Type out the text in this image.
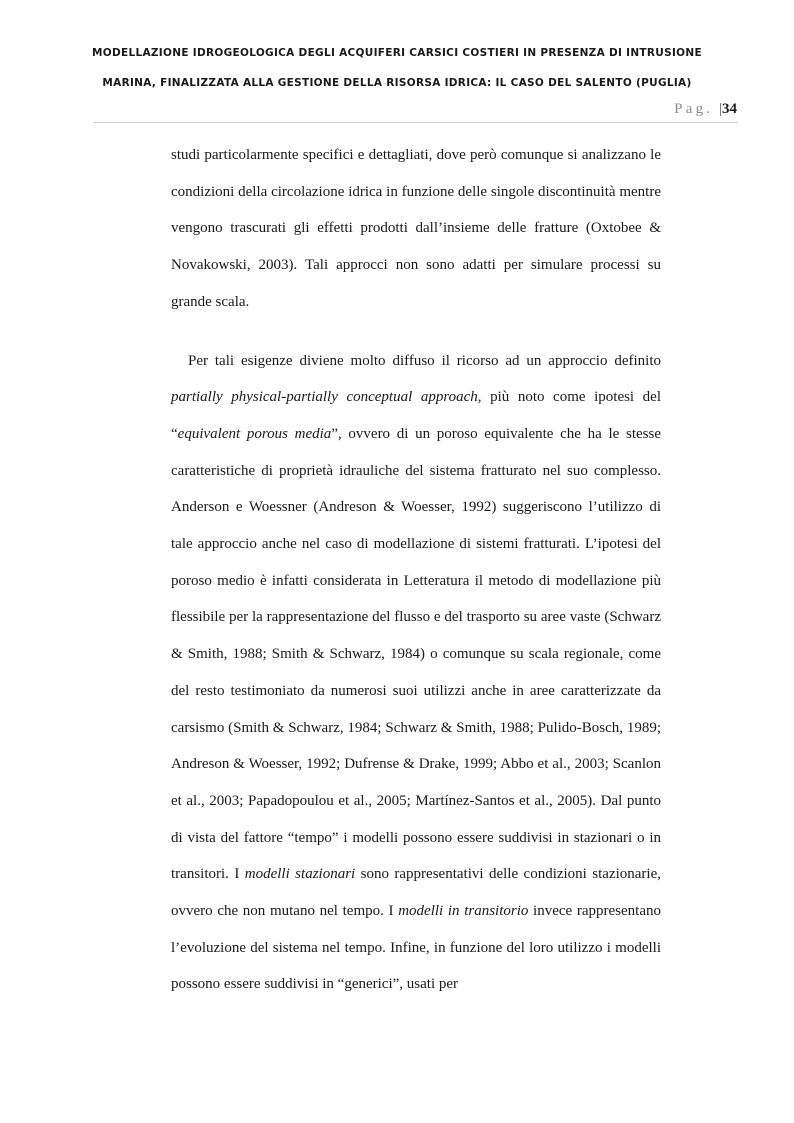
MODELLAZIONE IDROGEOLOGICA DEGLI ACQUIFERI CARSICI COSTIERI IN PRESENZA DI INTRUSIONE
MARINA, FINALIZZATA ALLA GESTIONE DELLA RISORSA IDRICA: IL CASO DEL SALENTO (PUGLIA)
Pag. |34

studi particolarmente specifici e dettagliati, dove però comunque si analizzano le condizioni della circolazione idrica in funzione delle singole discontinuità mentre vengono trascurati gli effetti prodotti dall’insieme delle fratture (Oxtobee & Novakowski, 2003). Tali approcci non sono adatti per simulare processi su grande scala.

Per tali esigenze diviene molto diffuso il ricorso ad un approccio definito partially physical-partially conceptual approach, più noto come ipotesi del “equivalent porous media”, ovvero di un poroso equivalente che ha le stesse caratteristiche di proprietà idrauliche del sistema fratturato nel suo complesso. Anderson e Woessner (Andreson & Woesser, 1992) suggeriscono l’utilizzo di tale approccio anche nel caso di modellazione di sistemi fratturati. L’ipotesi del poroso medio è infatti considerata in Letteratura il metodo di modellazione più flessibile per la rappresentazione del flusso e del trasporto su aree vaste (Schwarz & Smith, 1988; Smith & Schwarz, 1984) o comunque su scala regionale, come del resto testimoniato da numerosi suoi utilizzi anche in aree caratterizzate da carsismo (Smith & Schwarz, 1984; Schwarz & Smith, 1988; Pulido-Bosch, 1989; Andreson & Woesser, 1992; Dufrense & Drake, 1999; Abbo et al., 2003; Scanlon et al., 2003; Papadopoulou et al., 2005; Martínez-Santos et al., 2005). Dal punto di vista del fattore “tempo” i modelli possono essere suddivisi in stazionari o in transitori. I modelli stazionari sono rappresentativi delle condizioni stazionarie, ovvero che non mutano nel tempo. I modelli in transitorio invece rappresentano l’evoluzione del sistema nel tempo. Infine, in funzione del loro utilizzo i modelli possono essere suddivisi in “generici”, usati per
